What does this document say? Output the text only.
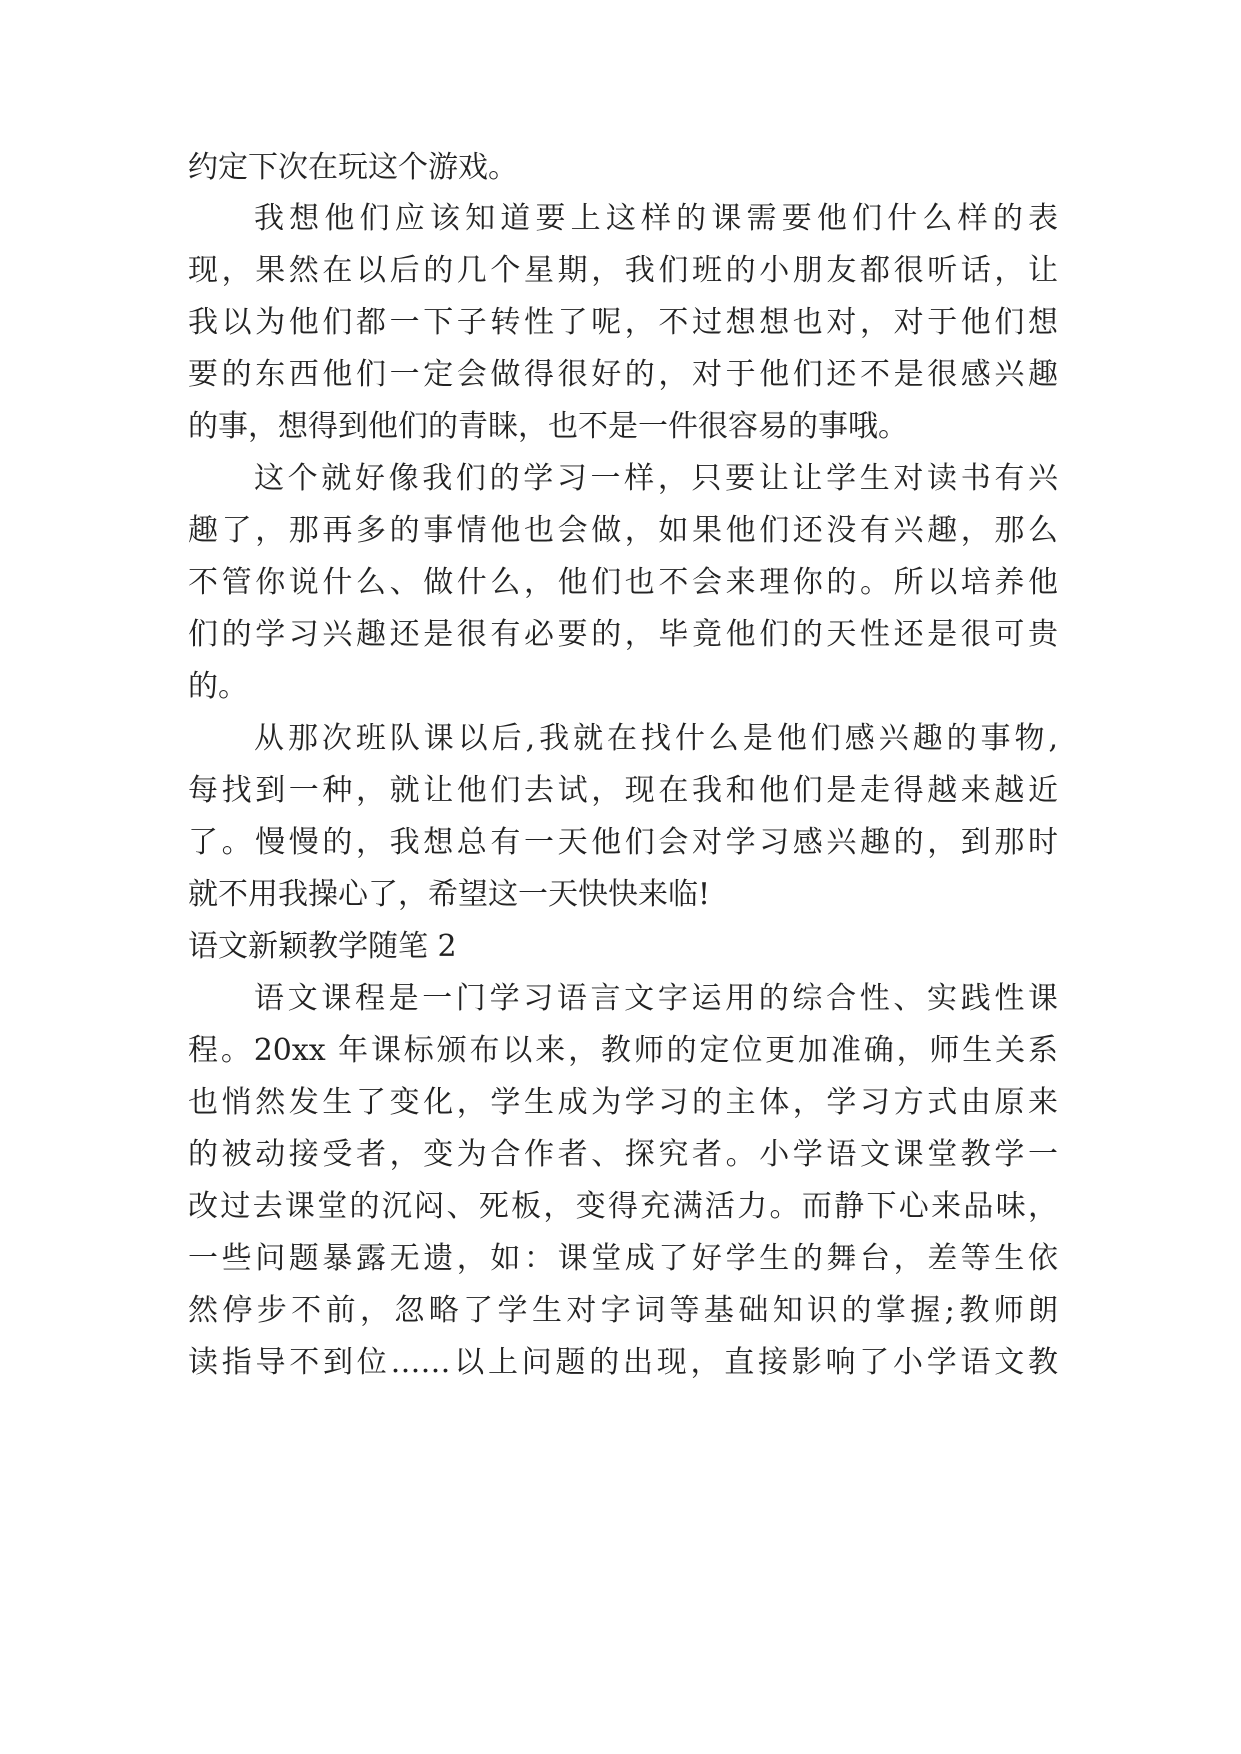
约定下次在玩这个游戏。
我想他们应该知道要上这样的课需要他们什么样的表
现，果然在以后的几个星期，我们班的小朋友都很听话，让
我以为他们都一下子转性了呢，不过想想也对，对于他们想
要的东西他们一定会做得很好的，对于他们还不是很感兴趣
的事，想得到他们的青睐，也不是一件很容易的事哦。
这个就好像我们的学习一样，只要让让学生对读书有兴
趣了，那再多的事情他也会做，如果他们还没有兴趣，那么
不管你说什么、做什么，他们也不会来理你的。所以培养他
们的学习兴趣还是很有必要的，毕竟他们的天性还是很可贵
的。
从那次班队课以后,我就在找什么是他们感兴趣的事物,
每找到一种，就让他们去试，现在我和他们是走得越来越近
了。慢慢的，我想总有一天他们会对学习感兴趣的，到那时
就不用我操心了，希望这一天快快来临!
语文新颖教学随笔 2
语文课程是一门学习语言文字运用的综合性、实践性课
程。20xx 年课标颁布以来，教师的定位更加准确，师生关系
也悄然发生了变化，学生成为学习的主体，学习方式由原来
的被动接受者，变为合作者、探究者。小学语文课堂教学一
改过去课堂的沉闷、死板，变得充满活力。而静下心来品味，
一些问题暴露无遗，如：课堂成了好学生的舞台，差等生依
然停步不前，忽略了学生对字词等基础知识的掌握;教师朗
读指导不到位……以上问题的出现，直接影响了小学语文教
